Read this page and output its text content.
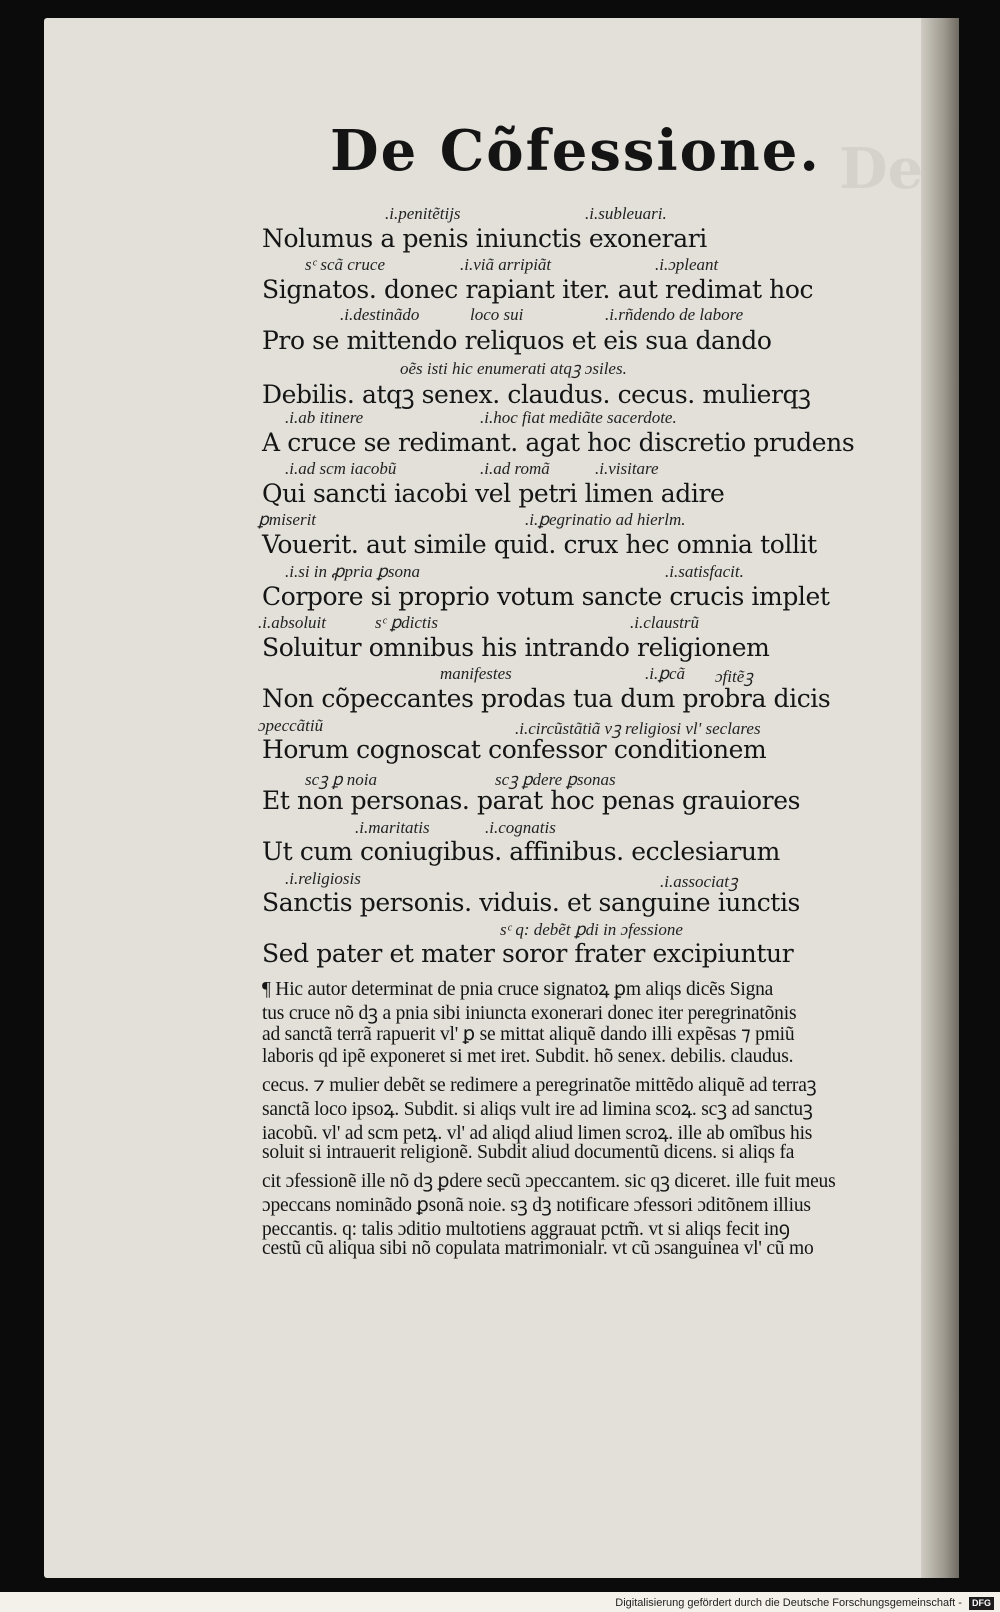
De
De Cõfessione.
.i.penitẽtijs	.i.subleuari.
sᶜ scã cruce	.i.viã arripiãt	.i.ɔpleant
.i.destinãdo	loco sui	.i.rñdendo de labore
oẽs isti hic enumerati atqꝫ ɔsiles.
.i.ab itinere	.i.hoc fiat mediãte sacerdote.
.i.ad scm iacobũ	.i.ad romã	.i.visitare
ꝑmiserit	.i.ꝑegrinatio ad hierlm.
.i.si in ꝓpria ꝑsona	.i.satisfacit.
.i.absoluit	sᶜ ꝑdictis	.i.claustrũ
manifestes	.i.ꝑcã ɔfitẽꝫ
ɔpeccãtiũ	.i.circũstãtiã vꝫ religiosi vl' seclares
scꝫ ꝑ noia	scꝫ ꝑdere ꝑsonas
.i.maritatis	.i.cognatis
.i.religiosis	.i.associatꝫ
sᶜ q: debẽt ꝑdi in ɔfessione
Nolumus a penis iniunctis exonerari
Signatos. donec rapiant iter. aut redimat hoc
Pro se mittendo reliquos et eis sua dando
Debilis. atqꝫ senex. claudus. cecus. mulierqꝫ
A cruce se redimant. agat hoc discretio prudens
Qui sancti iacobi vel petri limen adire
Vouerit. aut simile quid. crux hec omnia tollit
Corpore si proprio votum sancte crucis implet
Soluitur omnibus his intrando religionem
Non cõpeccantes prodas tua dum probra dicis
Horum cognoscat confessor conditionem
Et non personas. parat hoc penas grauiores
Ut cum coniugibus. affinibus. ecclesiarum
Sanctis personis. viduis. et sanguine iunctis
Sed pater et mater soror frater excipiuntur
¶ Hic autor determinat de pnia cruce signatoꝝ ꝑm aliqs dicẽs Signa
tus cruce nõ dꝫ a pnia sibi iniuncta exonerari donec iter peregrinatõnis
ad sanctã terrã rapuerit vl' ꝑ se mittat aliquẽ dando illi expẽsas ⁊ pmiũ
laboris qd ipẽ exponeret si met iret. Subdit. hõ senex. debilis. claudus.
cecus. ⁊ mulier debẽt se redimere a peregrinatõe mittẽdo aliquẽ ad terraꝫ
sanctã loco ipsoꝝ. Subdit. si aliqs vult ire ad limina scoꝝ. scꝫ ad sanctuꝫ
iacobũ. vl' ad scm petꝝ. vl' ad aliqd aliud limen scroꝝ. ille ab omĩbus his
soluit si intrauerit religionẽ. Subdit aliud documentũ dicens. si aliqs fa
cit ɔfessionẽ ille nõ dꝫ ꝑdere secũ ɔpeccantem. sic qꝫ diceret. ille fuit meus
ɔpeccans nominãdo ꝑsonã noie. sꝫ dꝫ notificare ɔfessori ɔditõnem illius
peccantis. q: talis ɔditio multotiens aggrauat pctm̃. vt si aliqs fecit inꝯ
cestũ cũ aliqua sibi nõ copulata matrimonialr. vt cũ ɔsanguinea vl' cũ mo
Digitalisierung gefördert durch die Deutsche Forschungsgemeinschaft - DFG
